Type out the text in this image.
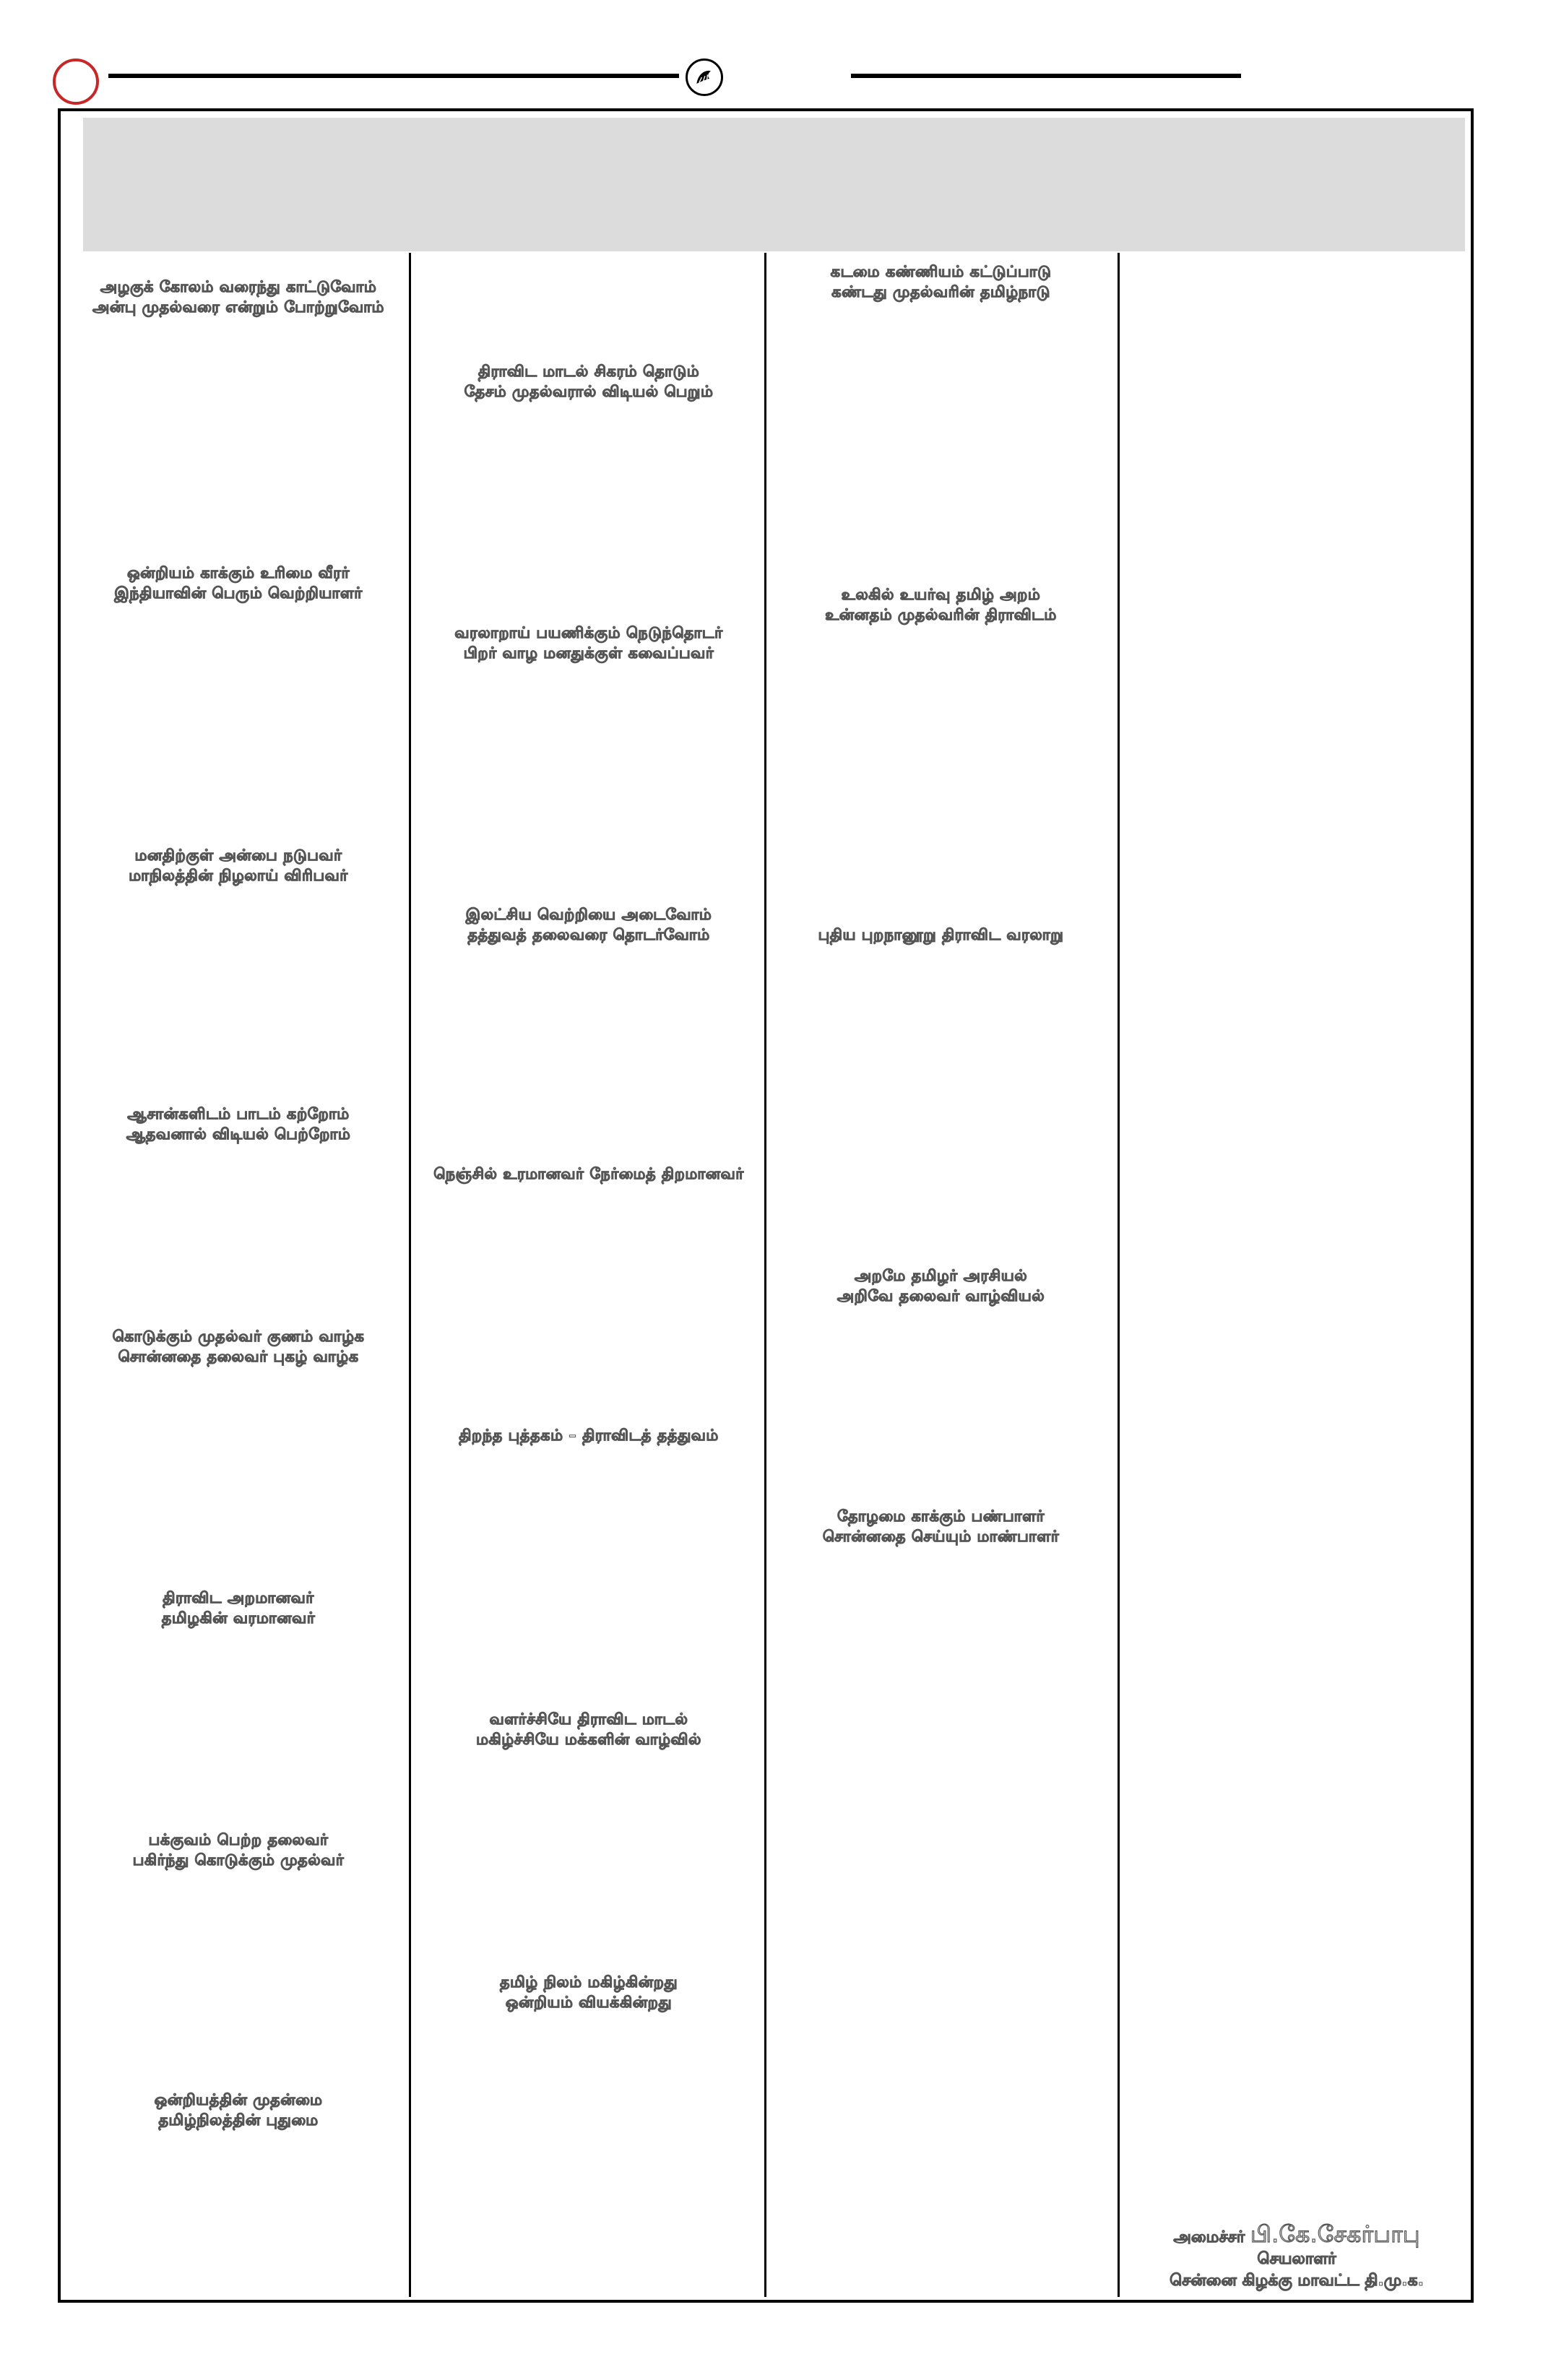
அழகுக் கோலம் வரைந்து காட்டுவோம்
அன்பு முதல்வரை என்றும் போற்றுவோம்
ஒன்றியம் காக்கும் உரிமை வீரர்
இந்தியாவின் பெரும் வெற்றியாளர்
மனதிற்குள் அன்பை நடுபவர்
மாநிலத்தின் நிழலாய் விரிபவர்
ஆசான்களிடம் பாடம் கற்றோம்
ஆதவனால் விடியல் பெற்றோம்
கொடுக்கும் முதல்வர் குணம் வாழ்க
சொன்னதை தலைவர் புகழ் வாழ்க
திராவிட அறமானவர்
தமிழகின் வரமானவர்
பக்குவம் பெற்ற தலைவர்
பகிர்ந்து கொடுக்கும் முதல்வர்
ஒன்றியத்தின் முதன்மை
தமிழ்நிலத்தின் புதுமை
திராவிட மாடல் சிகரம் தொடும்
தேசம் முதல்வரால் விடியல் பெறும்
வரலாறாய் பயணிக்கும் நெடுந்தொடர்
பிறர் வாழ மனதுக்குள் கவைப்பவர்
இலட்சிய வெற்றியை அடைவோம்
தத்துவத் தலைவரை தொடர்வோம்
நெஞ்சில் உரமானவர் நேர்மைத் திறமானவர்
திறந்த புத்தகம் – திராவிடத் தத்துவம்
வளர்ச்சியே திராவிட மாடல்
மகிழ்ச்சியே மக்களின் வாழ்வில்
தமிழ் நிலம் மகிழ்கின்றது
ஒன்றியம் வியக்கின்றது
கடமை கண்ணியம் கட்டுப்பாடு
கண்டது முதல்வரின் தமிழ்நாடு
உலகில் உயர்வு தமிழ் அறம்
உன்னதம் முதல்வரின் திராவிடம்
புதிய புறநானூறு திராவிட வரலாறு
அறமே தமிழர் அரசியல்
அறிவே தலைவர் வாழ்வியல்
தோழமை காக்கும் பண்பாளர்
சொன்னதை செய்யும் மாண்பாளர்
அமைச்சர் பி.கே.சேகர்பாபு
செயலாளர்
சென்னை கிழக்கு மாவட்ட தி.மு.க.
